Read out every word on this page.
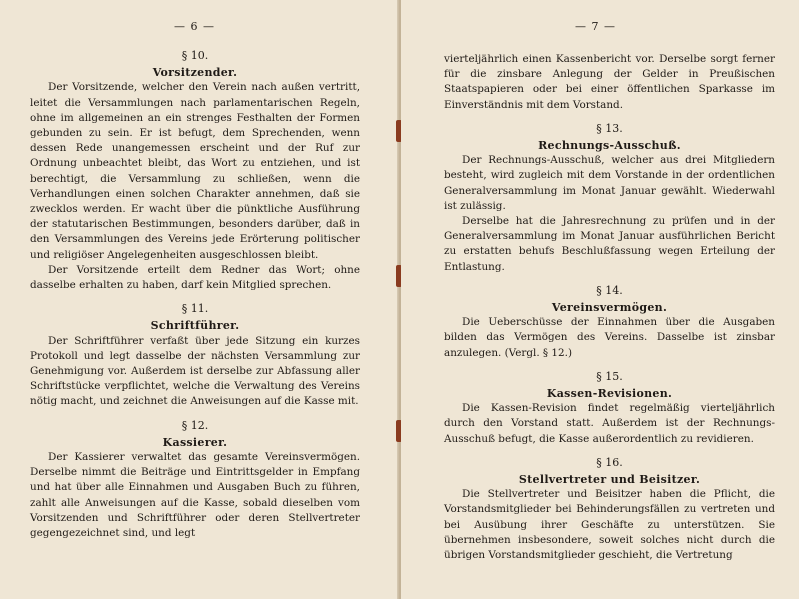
— 6 —
§ 10.
Vorsitzender.

Der Vorsitzende, welcher den Verein nach außen vertritt, leitet die Versammlungen nach parlamentarischen Regeln, ohne im allgemeinen an ein strenges Festhalten der Formen gebunden zu sein. Er ist befugt, dem Sprechenden, wenn dessen Rede unangemessen erscheint und der Ruf zur Ordnung unbeachtet bleibt, das Wort zu entziehen, und ist berechtigt, die Versammlung zu schließen, wenn die Verhandlungen einen solchen Charakter annehmen, daß sie zwecklos werden. Er wacht über die pünktliche Ausführung der statutarischen Bestimmungen, besonders darüber, daß in den Versammlungen des Vereins jede Erörterung politischer und religiöser Angelegenheiten ausgeschlossen bleibt.

Der Vorsitzende erteilt dem Redner das Wort; ohne dasselbe erhalten zu haben, darf kein Mitglied sprechen.

§ 11.
Schriftführer.

Der Schriftführer verfaßt über jede Sitzung ein kurzes Protokoll und legt dasselbe der nächsten Versammlung zur Genehmigung vor. Außerdem ist derselbe zur Abfassung aller Schriftstücke verpflichtet, welche die Verwaltung des Vereins nötig macht, und zeichnet die Anweisungen auf die Kasse mit.

§ 12.
Kassierer.

Der Kassierer verwaltet das gesamte Vereinsvermögen. Derselbe nimmt die Beiträge und Eintrittsgelder in Empfang und hat über alle Einnahmen und Ausgaben Buch zu führen, zahlt alle Anweisungen auf die Kasse, sobald dieselben vom Vorsitzenden und Schriftführer oder deren Stellvertreter gegengezeichnet sind, und legt

— 7 —

vierteljährlich einen Kassenbericht vor. Derselbe sorgt ferner für die zinsbare Anlegung der Gelder in Preußischen Staatspapieren oder bei einer öffentlichen Sparkasse im Einverständnis mit dem Vorstand.

§ 13.
Rechnungs-Ausschuß.

Der Rechnungs-Ausschuß, welcher aus drei Mitgliedern besteht, wird zugleich mit dem Vorstande in der ordentlichen Generalversammlung im Monat Januar gewählt. Wiederwahl ist zulässig.

Derselbe hat die Jahresrechnung zu prüfen und in der Generalversammlung im Monat Januar ausführlichen Bericht zu erstatten behufs Beschlußfassung wegen Erteilung der Entlastung.

§ 14.
Vereinsvermögen.

Die Ueberschüsse der Einnahmen über die Ausgaben bilden das Vermögen des Vereins. Dasselbe ist zinsbar anzulegen. (Vergl. § 12.)

§ 15.
Kassen-Revisionen.

Die Kassen-Revision findet regelmäßig vierteljährlich durch den Vorstand statt. Außerdem ist der Rechnungs-Ausschuß befugt, die Kasse außerordentlich zu revidieren.

§ 16.
Stellvertreter und Beisitzer.

Die Stellvertreter und Beisitzer haben die Pflicht, die Vorstandsmitglieder bei Behinderungsfällen zu vertreten und bei Ausübung ihrer Geschäfte zu unterstützen. Sie übernehmen insbesondere, soweit solches nicht durch die übrigen Vorstandsmitglieder geschieht, die Vertretung
